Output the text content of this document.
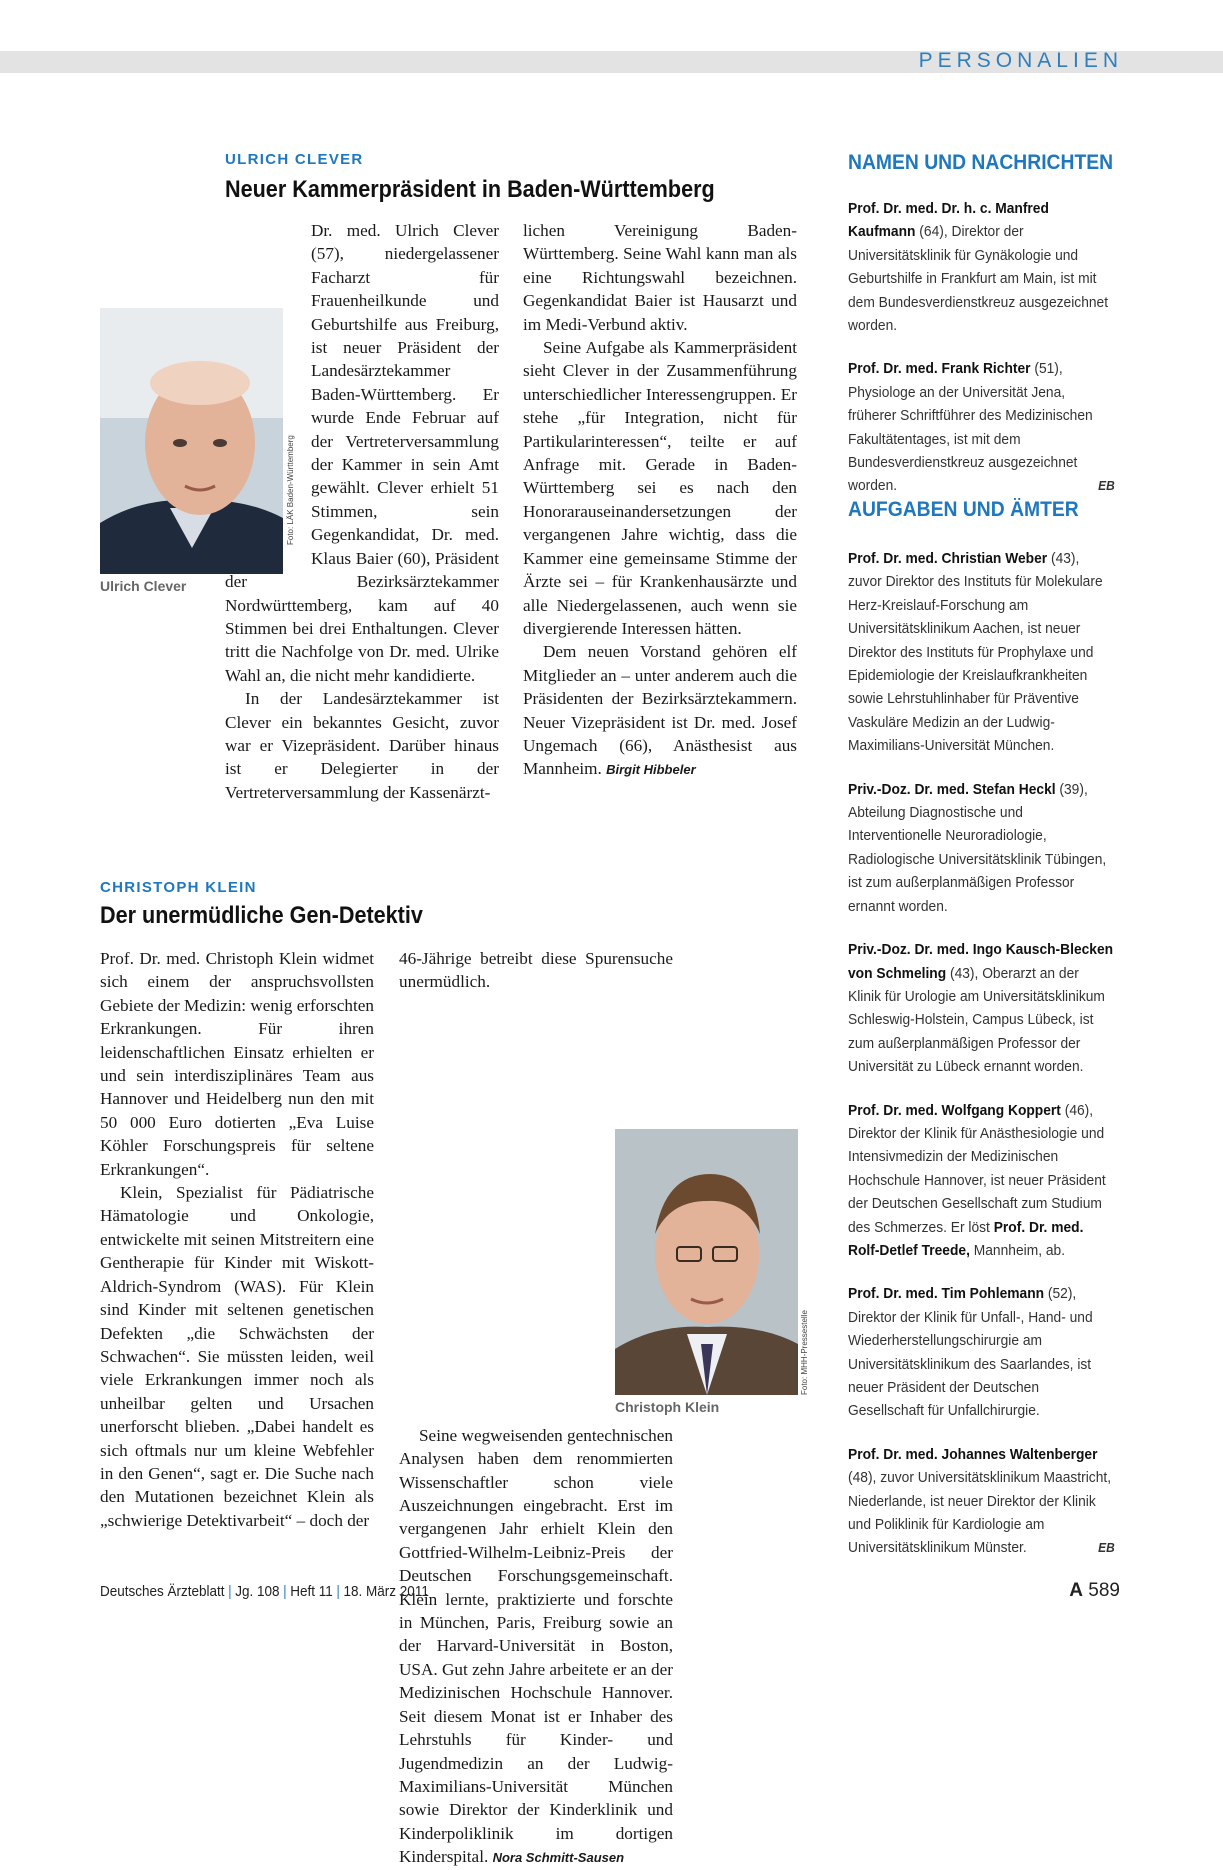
PERSONALIEN
ULRICH CLEVER
Neuer Kammerpräsident in Baden-Württemberg
Foto: LÄK Baden-Württemberg
Ulrich Clever

Dr. med. Ulrich Clever (57), niedergelassener Facharzt für Frauenheilkunde und Geburtshilfe aus Freiburg, ist neuer Präsident der Landesärztekammer Baden-Württemberg. Er wurde Ende Februar auf der Vertreterversammlung der Kammer in sein Amt gewählt. Clever erhielt 51 Stimmen, sein Gegenkandidat, Dr. med. Klaus Baier (60), Präsident der Bezirksärztekammer Nordwürttemberg, kam auf 40 Stimmen bei drei Enthaltungen. Clever tritt die Nachfolge von Dr. med. Ulrike Wahl an, die nicht mehr kandidierte.

In der Landesärztekammer ist Clever ein bekanntes Gesicht, zuvor war er Vizepräsident. Darüber hinaus ist er Delegierter in der Vertreterversammlung der Kassenärzt-

lichen Vereinigung Baden-Württemberg. Seine Wahl kann man als eine Richtungswahl bezeichnen. Gegenkandidat Baier ist Hausarzt und im Medi-Verbund aktiv.

Seine Aufgabe als Kammerpräsident sieht Clever in der Zusammenführung unterschiedlicher Interessengruppen. Er stehe „für Integration, nicht für Partikularinteressen“, teilte er auf Anfrage mit. Gerade in Baden-Württemberg sei es nach den Honorarauseinandersetzungen der vergangenen Jahre wichtig, dass die Kammer eine gemeinsame Stimme der Ärzte sei – für Krankenhausärzte und alle Niedergelassenen, auch wenn sie divergierende Interessen hätten.

Dem neuen Vorstand gehören elf Mitglieder an – unter anderem auch die Präsidenten der Bezirksärztekammern. Neuer Vizepräsident ist Dr. med. Josef Ungemach (66), Anästhesist aus Mannheim. Birgit Hibbeler

CHRISTOPH KLEIN
Der unermüdliche Gen-Detektiv

Prof. Dr. med. Christoph Klein widmet sich einem der anspruchsvollsten Gebiete der Medizin: wenig erforschten Erkrankungen. Für ihren leidenschaftlichen Einsatz erhielten er und sein interdisziplinäres Team aus Hannover und Heidelberg nun den mit 50 000 Euro dotierten „Eva Luise Köhler Forschungspreis für seltene Erkrankungen“.

Klein, Spezialist für Pädiatrische Hämatologie und Onkologie, entwickelte mit seinen Mitstreitern eine Gentherapie für Kinder mit Wiskott-Aldrich-Syndrom (WAS). Für Klein sind Kinder mit seltenen genetischen Defekten „die Schwächsten der Schwachen“. Sie müssten leiden, weil viele Erkrankungen immer noch als unheilbar gelten und Ursachen unerforscht blieben. „Dabei handelt es sich oftmals nur um kleine Webfehler in den Genen“, sagt er. Die Suche nach den Mutationen bezeichnet Klein als „schwierige Detektivarbeit“ – doch der

46-Jährige betreibt diese Spurensuche unermüdlich.

Seine wegweisenden gentechnischen Analysen haben dem renommierten Wissenschaftler schon viele Auszeichnungen eingebracht. Erst im vergangenen Jahr erhielt Klein den Gottfried-Wilhelm-Leibniz-Preis der Deutschen Forschungsgemeinschaft. Klein lernte, praktizierte und forschte in München, Paris, Freiburg sowie an der Harvard-Universität in Boston, USA. Gut zehn Jahre arbeitete er an der Medizinischen Hochschule Hannover. Seit diesem Monat ist er Inhaber des Lehrstuhls für Kinder- und Jugendmedizin an der Ludwig-Maximilians-Universität München sowie Direktor der Kinderklinik und Kinderpoliklinik im dortigen Kinderspital. Nora Schmitt-Sausen

Foto: MHH-Pressestelle
Christoph Klein
NAMEN UND NACHRICHTEN

Prof. Dr. med. Dr. h. c. Manfred Kaufmann (64), Direktor der Universitätsklinik für Gynäkologie und Geburtshilfe in Frankfurt am Main, ist mit dem Bundesverdienstkreuz ausgezeichnet worden.

Prof. Dr. med. Frank Richter (51), Physiologe an der Universität Jena, früherer Schriftführer des Medizinischen Fakultätentages, ist mit dem Bundesverdienstkreuz ausgezeichnet worden.	EB

AUFGABEN UND ÄMTER

Prof. Dr. med. Christian Weber (43), zuvor Direktor des Instituts für Molekulare Herz-Kreislauf-Forschung am Universitätsklinikum Aachen, ist neuer Direktor des Instituts für Prophylaxe und Epidemiologie der Kreislaufkrankheiten sowie Lehrstuhlinhaber für Präventive Vaskuläre Medizin an der Ludwig-Maximilians-Universität München.

Priv.-Doz. Dr. med. Stefan Heckl (39), Abteilung Diagnostische und Interventionelle Neuroradiologie, Radiologische Universitätsklinik Tübingen, ist zum außerplanmäßigen Professor ernannt worden.

Priv.-Doz. Dr. med. Ingo Kausch-Blecken von Schmeling (43), Oberarzt an der Klinik für Urologie am Universitätsklinikum Schleswig-Holstein, Campus Lübeck, ist zum außerplanmäßigen Professor der Universität zu Lübeck ernannt worden.

Prof. Dr. med. Wolfgang Koppert (46), Direktor der Klinik für Anästhesiologie und Intensivmedizin der Medizinischen Hochschule Hannover, ist neuer Präsident der Deutschen Gesellschaft zum Studium des Schmerzes. Er löst Prof. Dr. med. Rolf-Detlef Treede, Mannheim, ab.

Prof. Dr. med. Tim Pohlemann (52), Direktor der Klinik für Unfall-, Hand- und Wiederherstellungschirurgie am Universitätsklinikum des Saarlandes, ist neuer Präsident der Deutschen Gesellschaft für Unfallchirurgie.

Prof. Dr. med. Johannes Waltenberger (48), zuvor Universitätsklinikum Maastricht, Niederlande, ist neuer Direktor der Klinik und Poliklinik für Kardiologie am Universitätsklinikum Münster.	EB

Deutsches Ärzteblatt | Jg. 108 | Heft 11 | 18. März 2011	A 589
